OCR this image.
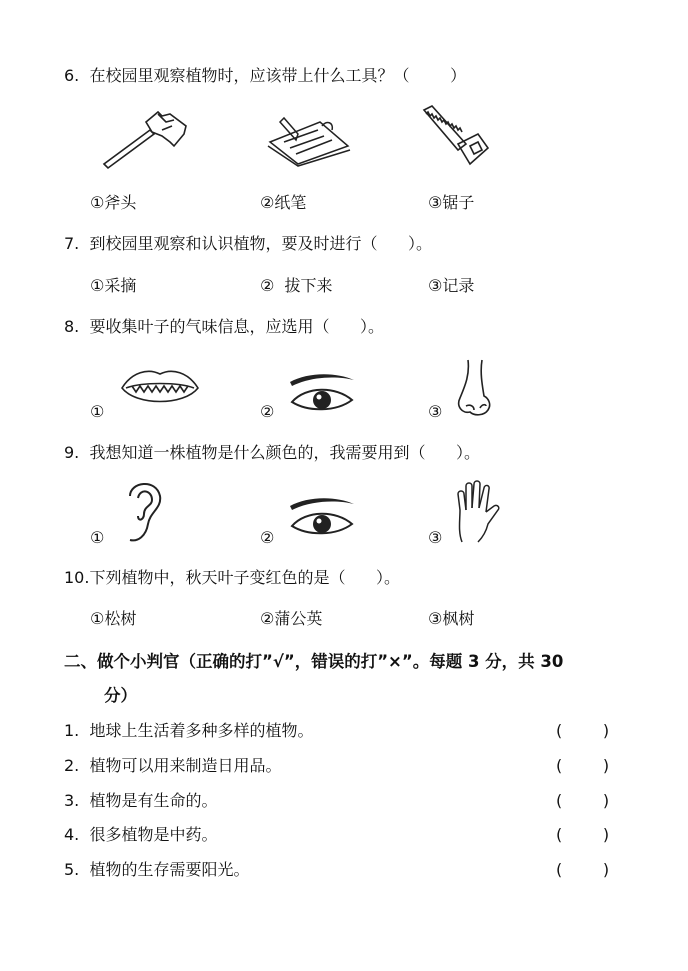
6.  在校园里观察植物时，应该带上什么工具？（        ）
①斧头	②纸笔	③锯子
7.  到校园里观察和认识植物，要及时进行（      ）。
①采摘	②  拔下来	③记录
8.  要收集叶子的气味信息，应选用（      ）。
①	②	③
9.  我想知道一株植物是什么颜色的，我需要用到（      ）。
①	②	③
10.下列植物中，秋天叶子变红色的是（      ）。
①松树	②蒲公英	③枫树
二、做个小判官（正确的打”√”，错误的打”×”。每题 3 分，共 30
分）
1.  地球上生活着多种多样的植物。	(        )
2.  植物可以用来制造日用品。	(        )
3.  植物是有生命的。	(        )
4.  很多植物是中药。	(        )
5.  植物的生存需要阳光。	(        )
